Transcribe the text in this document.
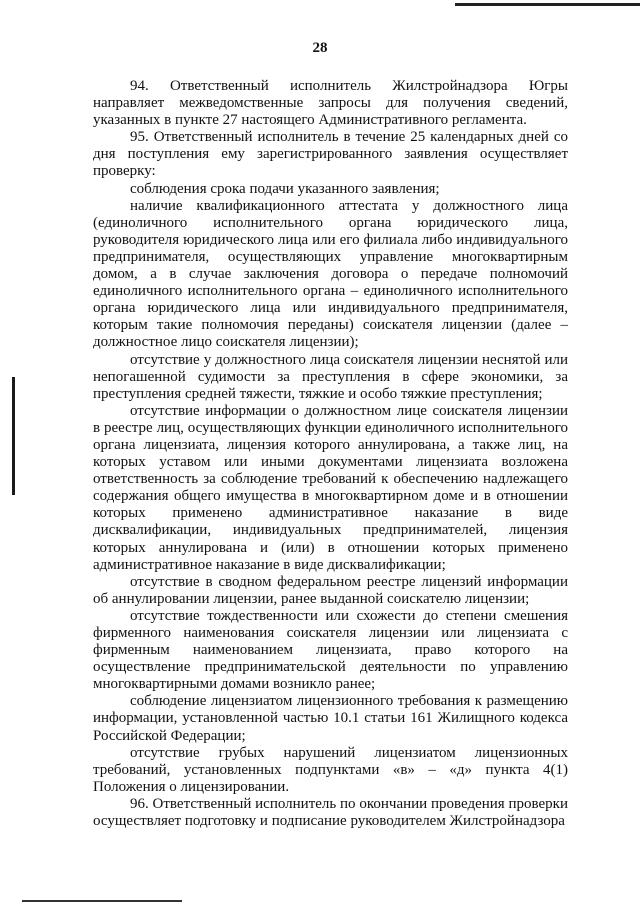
28

94. Ответственный исполнитель Жилстройнадзора Югры направляет межведомственные запросы для получения сведений, указанных в пункте 27 настоящего Административного регламента.

95. Ответственный исполнитель в течение 25 календарных дней со дня поступления ему зарегистрированного заявления осуществляет проверку:

соблюдения срока подачи указанного заявления;

наличие квалификационного аттестата у должностного лица (единоличного исполнительного органа юридического лица, руководителя юридического лица или его филиала либо индивидуального предпринимателя, осуществляющих управление многоквартирным домом, а в случае заключения договора о передаче полномочий единоличного исполнительного органа – единоличного исполнительного органа юридического лица или индивидуального предпринимателя, которым такие полномочия переданы) соискателя лицензии (далее – должностное лицо соискателя лицензии);

отсутствие у должностного лица соискателя лицензии неснятой или непогашенной судимости за преступления в сфере экономики, за преступления средней тяжести, тяжкие и особо тяжкие преступления;

отсутствие информации о должностном лице соискателя лицензии в реестре лиц, осуществляющих функции единоличного исполнительного органа лицензиата, лицензия которого аннулирована, а также лиц, на которых уставом или иными документами лицензиата возложена ответственность за соблюдение требований к обеспечению надлежащего содержания общего имущества в многоквартирном доме и в отношении которых применено административное наказание в виде дисквалификации, индивидуальных предпринимателей, лицензия которых аннулирована и (или) в отношении которых применено административное наказание в виде дисквалификации;

отсутствие в сводном федеральном реестре лицензий информации об аннулировании лицензии, ранее выданной соискателю лицензии;

отсутствие тождественности или схожести до степени смешения фирменного наименования соискателя лицензии или лицензиата с фирменным наименованием лицензиата, право которого на осуществление предпринимательской деятельности по управлению многоквартирными домами возникло ранее;

соблюдение лицензиатом лицензионного требования к размещению информации, установленной частью 10.1 статьи 161 Жилищного кодекса Российской Федерации;

отсутствие грубых нарушений лицензиатом лицензионных требований, установленных подпунктами «в» – «д» пункта 4(1) Положения о лицензировании.

96. Ответственный исполнитель по окончании проведения проверки осуществляет подготовку и подписание руководителем Жилстройнадзора
